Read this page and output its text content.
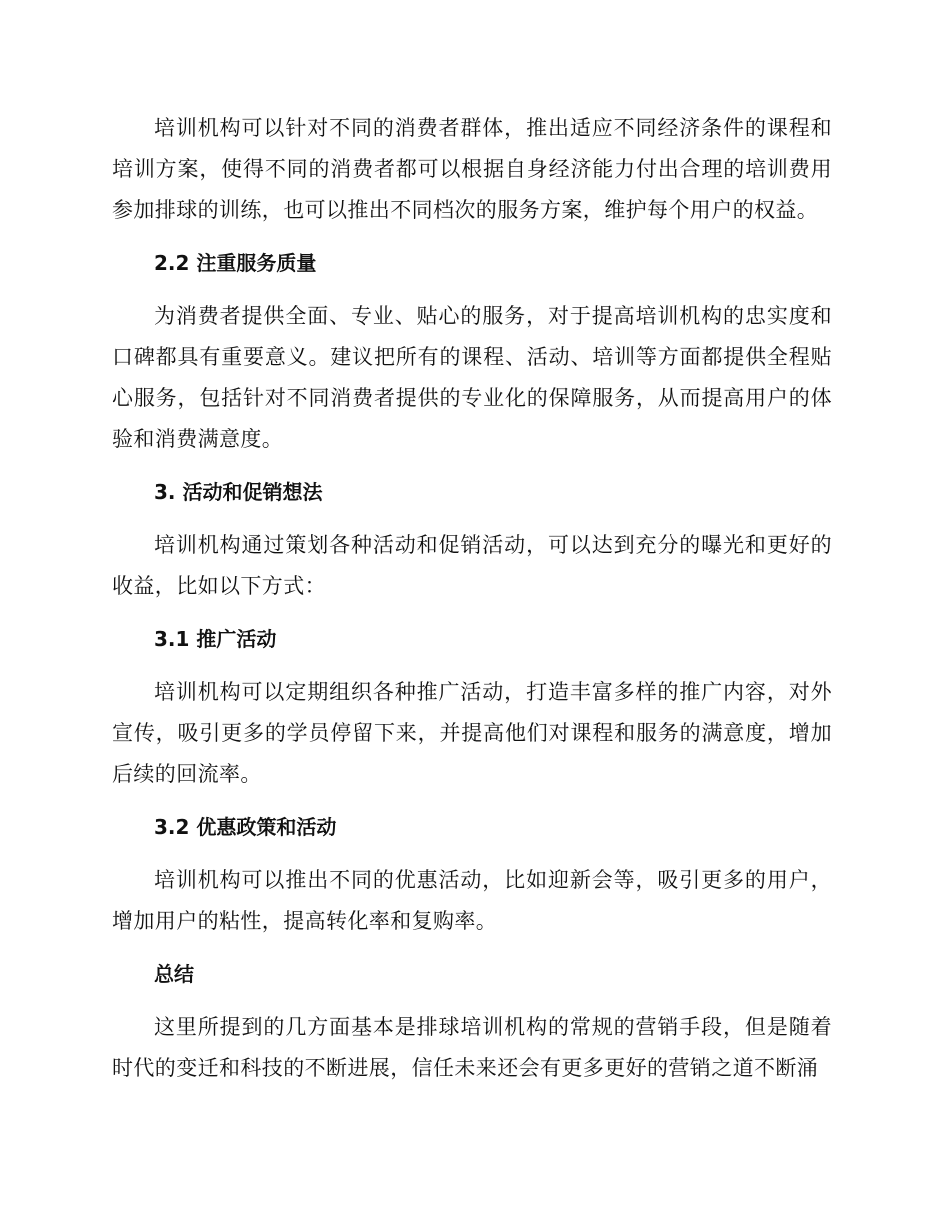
培训机构可以针对不同的消费者群体，推出适应不同经济条件的课程和培训方案，使得不同的消费者都可以根据自身经济能力付出合理的培训费用参加排球的训练，也可以推出不同档次的服务方案，维护每个用户的权益。

2.2 注重服务质量

为消费者提供全面、专业、贴心的服务，对于提高培训机构的忠实度和口碑都具有重要意义。建议把所有的课程、活动、培训等方面都提供全程贴心服务，包括针对不同消费者提供的专业化的保障服务，从而提高用户的体验和消费满意度。

3. 活动和促销想法

培训机构通过策划各种活动和促销活动，可以达到充分的曝光和更好的收益，比如以下方式：

3.1 推广活动

培训机构可以定期组织各种推广活动，打造丰富多样的推广内容，对外宣传，吸引更多的学员停留下来，并提高他们对课程和服务的满意度，增加后续的回流率。

3.2 优惠政策和活动

培训机构可以推出不同的优惠活动，比如迎新会等，吸引更多的用户，增加用户的粘性，提高转化率和复购率。

总结

这里所提到的几方面基本是排球培训机构的常规的营销手段，但是随着时代的变迁和科技的不断进展，信任未来还会有更多更好的营销之道不断涌
